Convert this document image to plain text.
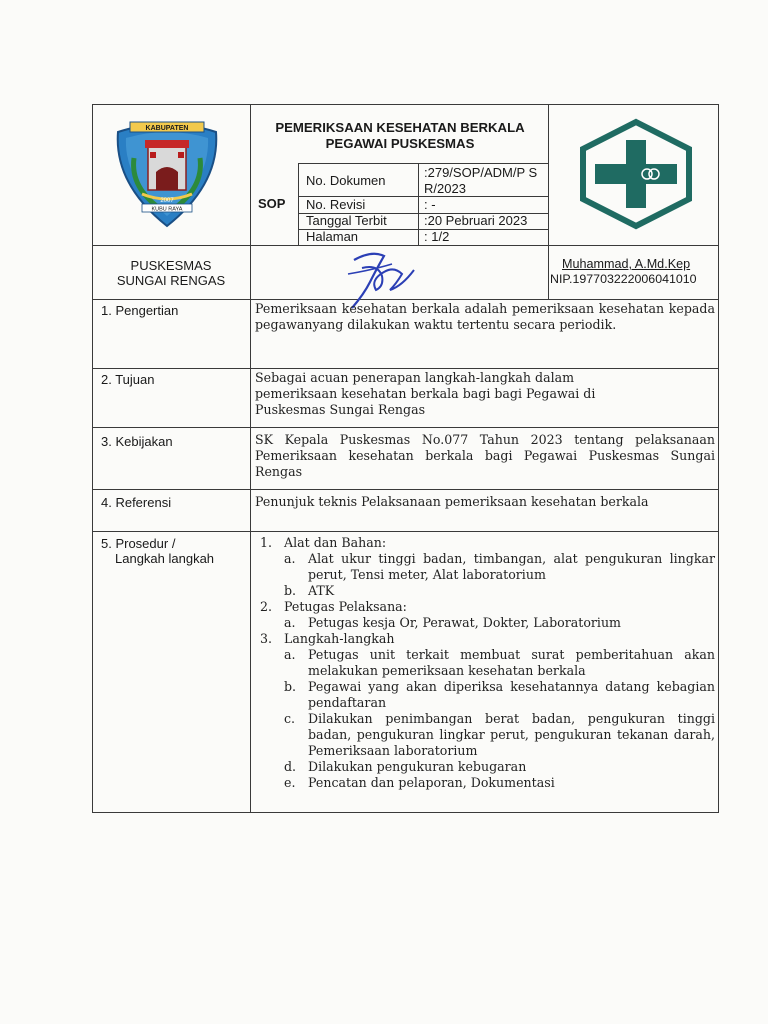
KABUPATEN
2007
KUBU RAYA
PEMERIKSAAN KESEHATAN BERKALA PEGAWAI PUSKESMAS
SOP
No. Dokumen
No. Revisi
Tanggal Terbit
Halaman
:279/SOP/ADM/P SR/2023
: -
:20 Pebruari 2023
: 1/2
PUSKESMAS
SUNGAI RENGAS
Muhammad, A.Md.Kep
NIP.197703222006041010
1. Pengertian
2. Tujuan
3. Kebijakan
4. Referensi
5. Prosedur /
Langkah langkah
Pemeriksaan kesehatan berkala adalah pemeriksaan kesehatan kepada pegawanyang dilakukan waktu tertentu secara periodik.
Sebagai acuan penerapan langkah-langkah dalam pemeriksaan kesehatan berkala bagi bagi Pegawai di Puskesmas Sungai Rengas
SK Kepala Puskesmas No.077 Tahun 2023 tentang pelaksanaan Pemeriksaan kesehatan berkala bagi Pegawai Puskesmas Sungai Rengas
Penunjuk teknis Pelaksanaan pemeriksaan kesehatan berkala
1. Alat dan Bahan:
a. Alat ukur tinggi badan, timbangan, alat pengukuran lingkar perut, Tensi meter, Alat laboratorium
b. ATK
2. Petugas Pelaksana:
a. Petugas kesja Or, Perawat, Dokter, Laboratorium
3. Langkah-langkah
a. Petugas unit terkait membuat surat pemberitahuan akan melakukan pemeriksaan kesehatan berkala
b. Pegawai yang akan diperiksa kesehatannya datang kebagian pendaftaran
c. Dilakukan penimbangan berat badan, pengukuran tinggi badan, pengukuran lingkar perut, pengukuran tekanan darah, Pemeriksaan laboratorium
d. Dilakukan pengukuran kebugaran
e. Pencatan dan pelaporan, Dokumentasi
